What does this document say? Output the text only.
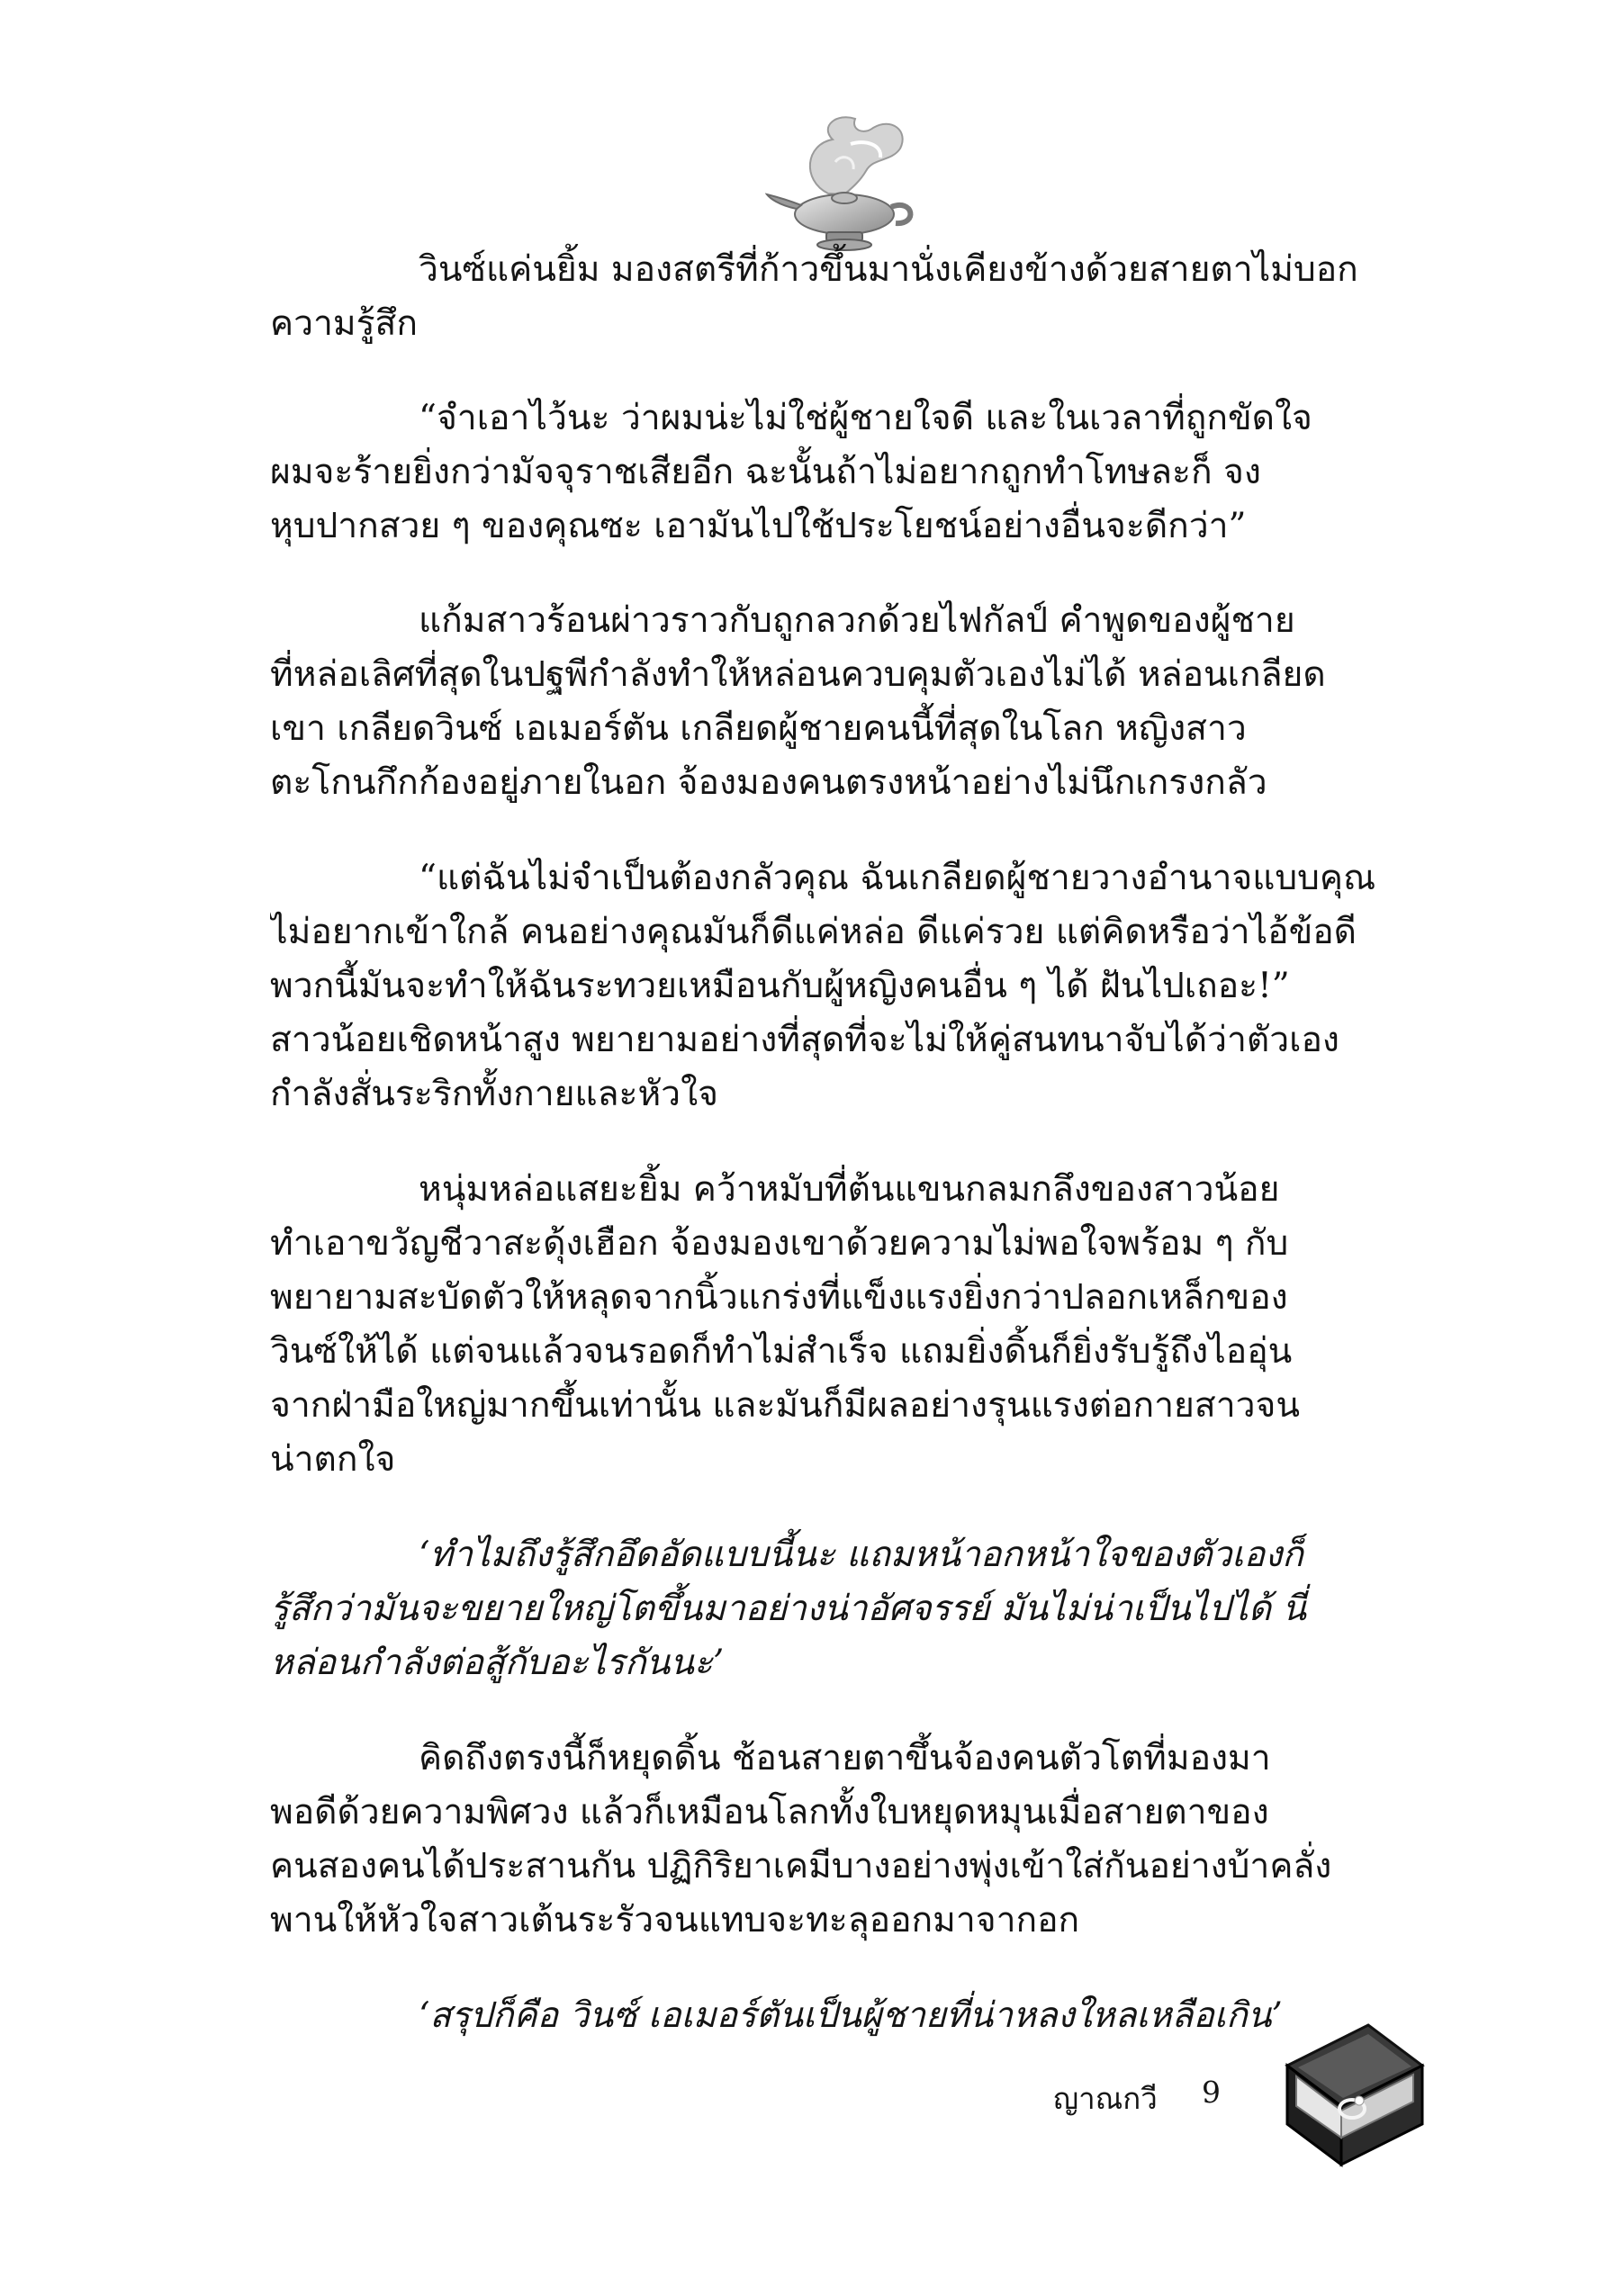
วินซ์แค่นยิ้ม มองสตรีที่ก้าวขึ้นมานั่งเคียงข้างด้วยสายตาไม่บอก
ความรู้สึก
“จำเอาไว้นะ ว่าผมน่ะไม่ใช่ผู้ชายใจดี และในเวลาที่ถูกขัดใจ
ผมจะร้ายยิ่งกว่ามัจจุราชเสียอีก ฉะนั้นถ้าไม่อยากถูกทำโทษละก็ จง
หุบปากสวย ๆ ของคุณซะ เอามันไปใช้ประโยชน์อย่างอื่นจะดีกว่า”
แก้มสาวร้อนผ่าวราวกับถูกลวกด้วยไฟกัลป์ คำพูดของผู้ชาย
ที่หล่อเลิศที่สุดในปฐพีกำลังทำให้หล่อนควบคุมตัวเองไม่ได้ หล่อนเกลียด
เขา เกลียดวินซ์ เอเมอร์ตัน เกลียดผู้ชายคนนี้ที่สุดในโลก หญิงสาว
ตะโกนกึกก้องอยู่ภายในอก จ้องมองคนตรงหน้าอย่างไม่นึกเกรงกลัว
“แต่ฉันไม่จำเป็นต้องกลัวคุณ ฉันเกลียดผู้ชายวางอำนาจแบบคุณ
ไม่อยากเข้าใกล้ คนอย่างคุณมันก็ดีแค่หล่อ ดีแค่รวย แต่คิดหรือว่าไอ้ข้อดี
พวกนี้มันจะทำให้ฉันระทวยเหมือนกับผู้หญิงคนอื่น ๆ ได้ ฝันไปเถอะ!”
สาวน้อยเชิดหน้าสูง พยายามอย่างที่สุดที่จะไม่ให้คู่สนทนาจับได้ว่าตัวเอง
กำลังสั่นระริกทั้งกายและหัวใจ
หนุ่มหล่อแสยะยิ้ม คว้าหมับที่ต้นแขนกลมกลึงของสาวน้อย
ทำเอาขวัญชีวาสะดุ้งเฮือก จ้องมองเขาด้วยความไม่พอใจพร้อม ๆ กับ
พยายามสะบัดตัวให้หลุดจากนิ้วแกร่งที่แข็งแรงยิ่งกว่าปลอกเหล็กของ
วินซ์ให้ได้ แต่จนแล้วจนรอดก็ทำไม่สำเร็จ แถมยิ่งดิ้นก็ยิ่งรับรู้ถึงไออุ่น
จากฝ่ามือใหญ่มากขึ้นเท่านั้น และมันก็มีผลอย่างรุนแรงต่อกายสาวจน
น่าตกใจ
‘ทำไมถึงรู้สึกอึดอัดแบบนี้นะ แถมหน้าอกหน้าใจของตัวเองก็
รู้สึกว่ามันจะขยายใหญ่โตขึ้นมาอย่างน่าอัศจรรย์ มันไม่น่าเป็นไปได้ นี่
หล่อนกำลังต่อสู้กับอะไรกันนะ’
คิดถึงตรงนี้ก็หยุดดิ้น ช้อนสายตาขึ้นจ้องคนตัวโตที่มองมา
พอดีด้วยความพิศวง แล้วก็เหมือนโลกทั้งใบหยุดหมุนเมื่อสายตาของ
คนสองคนได้ประสานกัน ปฏิกิริยาเคมีบางอย่างพุ่งเข้าใส่กันอย่างบ้าคลั่ง
พานให้หัวใจสาวเต้นระรัวจนแทบจะทะลุออกมาจากอก
‘สรุปก็คือ วินซ์ เอเมอร์ตันเป็นผู้ชายที่น่าหลงใหลเหลือเกิน’
ญาณกวี 9
